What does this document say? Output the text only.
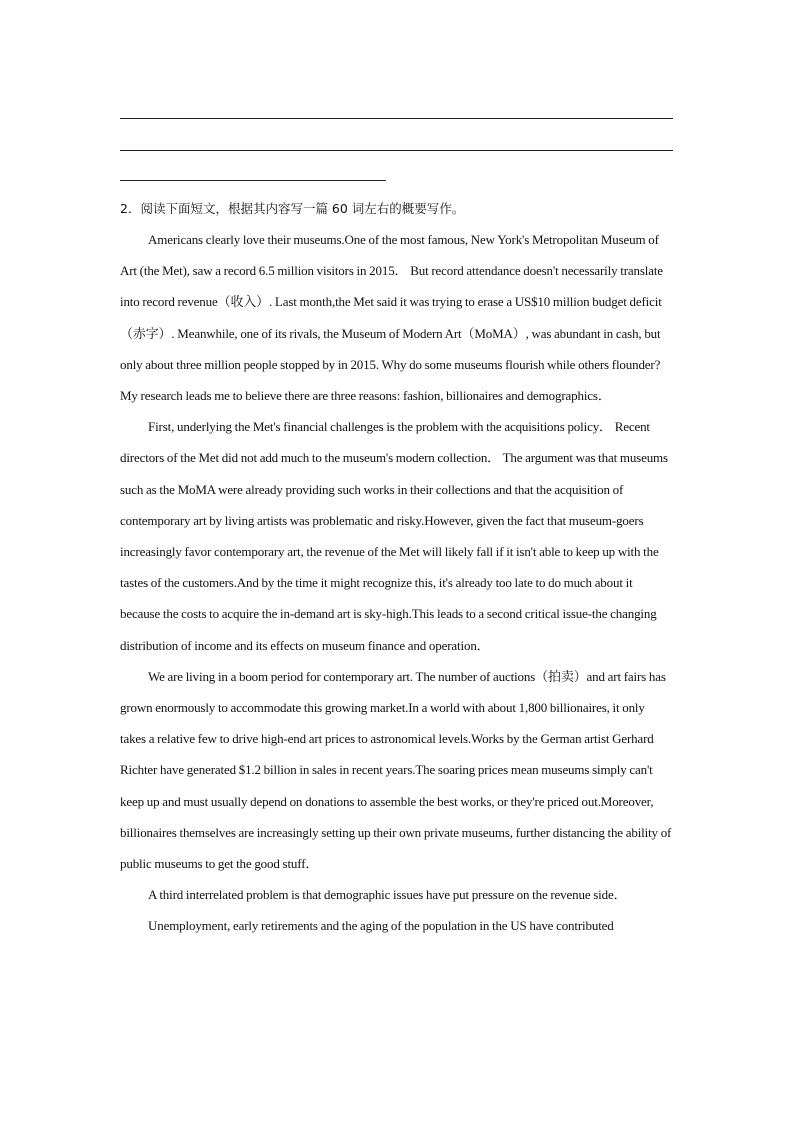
2．阅读下面短文，根据其内容写一篇 60 词左右的概要写作。

Americans clearly love their museums.One of the most famous, New York's Metropolitan Museum of Art (the Met), saw a record 6.5 million visitors in 2015． But record attendance doesn't necessarily translate into record revenue（收入）. Last month,the Met said it was trying to erase a US$10 million budget deficit（赤字）. Meanwhile, one of its rivals, the Museum of Modern Art（MoMA）, was abundant in cash, but only about three million people stopped by in 2015. Why do some museums flourish while others flounder? My research leads me to believe there are three reasons: fashion, billionaires and demographics．

First, underlying the Met's financial challenges is the problem with the acquisitions policy． Recent directors of the Met did not add much to the museum's modern collection． The argument was that museums such as the MoMA were already providing such works in their collections and that the acquisition of contemporary art by living artists was problematic and risky.However, given the fact that museum-goers increasingly favor contemporary art, the revenue of the Met will likely fall if it isn't able to keep up with the tastes of the customers.And by the time it might recognize this, it's already too late to do much about it because the costs to acquire the in-demand art is sky-high.This leads to a second critical issue-the changing distribution of income and its effects on museum finance and operation．

We are living in a boom period for contemporary art. The number of auctions（拍卖）and art fairs has grown enormously to accommodate this growing market.In a world with about 1,800 billionaires, it only takes a relative few to drive high-end art prices to astronomical levels.Works by the German artist Gerhard Richter have generated $1.2 billion in sales in recent years.The soaring prices mean museums simply can't keep up and must usually depend on donations to assemble the best works, or they're priced out.Moreover, billionaires themselves are increasingly setting up their own private museums, further distancing the ability of public museums to get the good stuff．

A third interrelated problem is that demographic issues have put pressure on the revenue side．

Unemployment, early retirements and the aging of the population in the US have contributed
